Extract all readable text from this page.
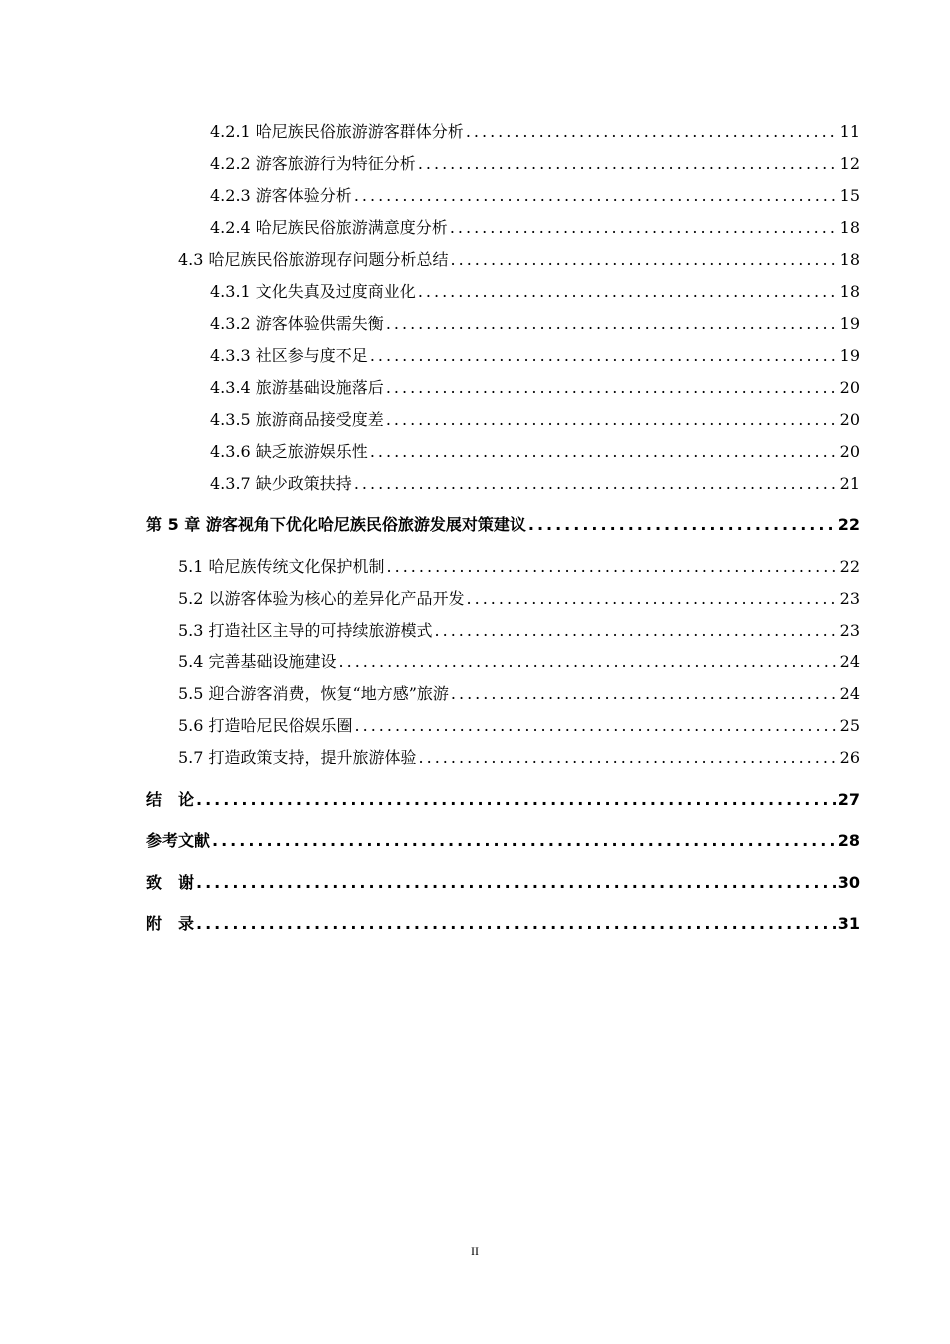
4.2.1 哈尼族民俗旅游游客群体分析 .....	11
4.2.2 游客旅游行为特征分析 .....	12
4.2.3 游客体验分析 .....	15
4.2.4 哈尼族民俗旅游满意度分析 .....	18
4.3 哈尼族民俗旅游现存问题分析总结 .....	18
4.3.1 文化失真及过度商业化 .....	18
4.3.2 游客体验供需失衡 .....	19
4.3.3 社区参与度不足 .....	19
4.3.4 旅游基础设施落后 .....	20
4.3.5 旅游商品接受度差 .....	20
4.3.6 缺乏旅游娱乐性 .....	20
4.3.7 缺少政策扶持 .....	21
第 5 章 游客视角下优化哈尼族民俗旅游发展对策建议 .....	22
5.1 哈尼族传统文化保护机制 .....	22
5.2 以游客体验为核心的差异化产品开发 .....	23
5.3 打造社区主导的可持续旅游模式 .....	23
5.4 完善基础设施建设 .....	24
5.5 迎合游客消费，恢复“地方感”旅游 .....	24
5.6 打造哈尼民俗娱乐圈 .....	25
5.7 打造政策支持，提升旅游体验 .....	26
结　论 .....	27
参考文献 .....	28
致　谢 .....	30
附　录 .....	31
II
